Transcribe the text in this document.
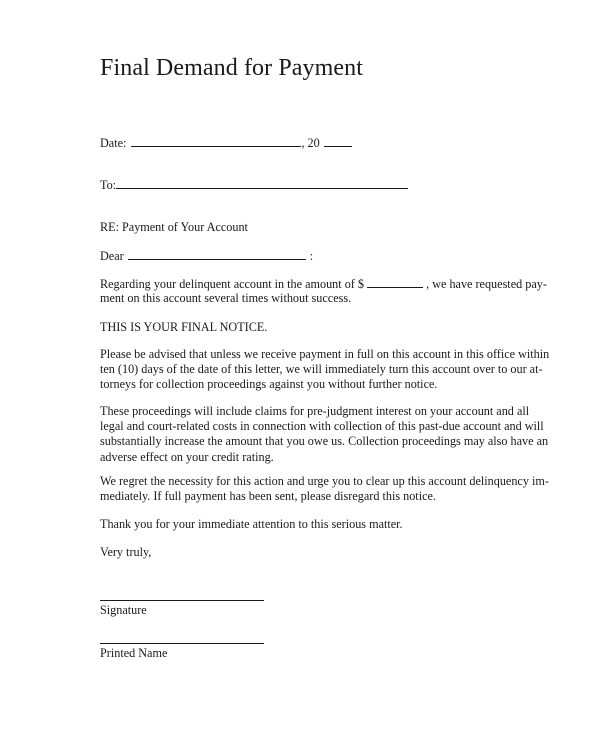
Final Demand for Payment
Date:	, 20
To:
RE: Payment of Your Account
Dear	:
Regarding your delinquent account in the amount of $	, we have requested pay-
ment on this account several times without success.
THIS IS YOUR FINAL NOTICE.
Please be advised that unless we receive payment in full on this account in this office within
ten (10) days of the date of this letter, we will immediately turn this account over to our at-
torneys for collection proceedings against you without further notice.
These proceedings will include claims for pre-judgment interest on your account and all
legal and court-related costs in connection with collection of this past-due account and will
substantially increase the amount that you owe us. Collection proceedings may also have an
adverse effect on your credit rating.
We regret the necessity for this action and urge you to clear up this account delinquency im-
mediately. If full payment has been sent, please disregard this notice.
Thank you for your immediate attention to this serious matter.
Very truly,
Signature
Printed Name
